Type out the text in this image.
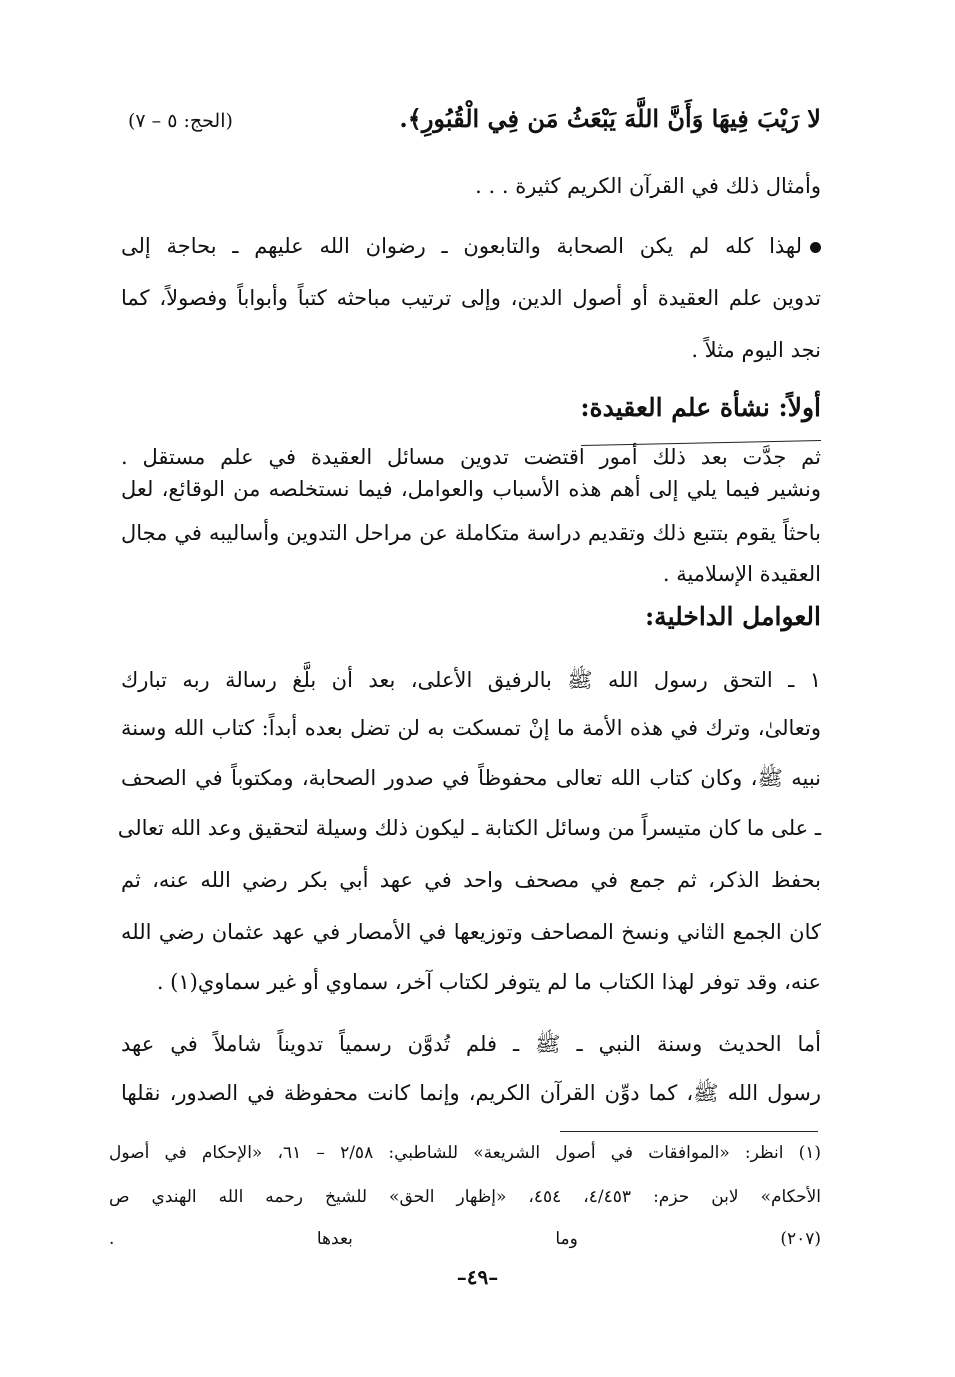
لا رَيْبَ فِيهَا وَأَنَّ اللَّهَ يَبْعَثُ مَن فِي الْقُبُورِ﴾.
(الحج: ٥ – ٧)
وأمثال ذلك في القرآن الكريم كثيرة . . .
لهذا كله لم يكن الصحابة والتابعون ـ رضوان الله عليهم ـ بحاجة إلى
تدوين علم العقيدة أو أصول الدين، وإلى ترتيب مباحثه كتباً وأبواباً وفصولاً، كما
نجد اليوم مثلاً .
أولاً: نشأة علم العقيدة:
ثم جدَّت بعد ذلك أمور اقتضت تدوين مسائل العقيدة في علم مستقل .
ونشير فيما يلي إلى أهم هذه الأسباب والعوامل، فيما نستخلصه من الوقائع، لعل
باحثاً يقوم بتتبع ذلك وتقديم دراسة متكاملة عن مراحل التدوين وأساليبه في مجال
العقيدة الإسلامية .
العوامل الداخلية:
١ ـ التحق رسول الله ﷺ بالرفيق الأعلى، بعد أن بلَّغ رسالة ربه تبارك
وتعالىٰ، وترك في هذه الأمة ما إنْ تمسكت به لن تضل بعده أبداً: كتاب الله وسنة
نبيه ﷺ، وكان كتاب الله تعالى محفوظاً في صدور الصحابة، ومكتوباً في الصحف
ـ على ما كان متيسراً من وسائل الكتابة ـ ليكون ذلك وسيلة لتحقيق وعد الله تعالى
بحفظ الذكر، ثم جمع في مصحف واحد في عهد أبي بكر رضي الله عنه، ثم
كان الجمع الثاني ونسخ المصاحف وتوزيعها في الأمصار في عهد عثمان رضي الله
عنه، وقد توفر لهذا الكتاب ما لم يتوفر لكتاب آخر، سماوي أو غير سماوي(١) .
أما الحديث وسنة النبي ـ ﷺ ـ فلم تُدوَّن رسمياً تدويناً شاملاً في عهد
رسول الله ﷺ، كما دوِّن القرآن الكريم، وإنما كانت محفوظة في الصدور، نقلها
(١) انظر: «الموافقات في أصول الشريعة» للشاطبي: ٢/٥٨ – ٦١، «الإحكام في أصول
الأحكام» لابن حزم: ٤/٤٥٣، ٤٥٤، «إظهار الحق» للشيخ رحمه الله الهندي ص
(٢٠٧) وما بعدها .
–٤٩–
